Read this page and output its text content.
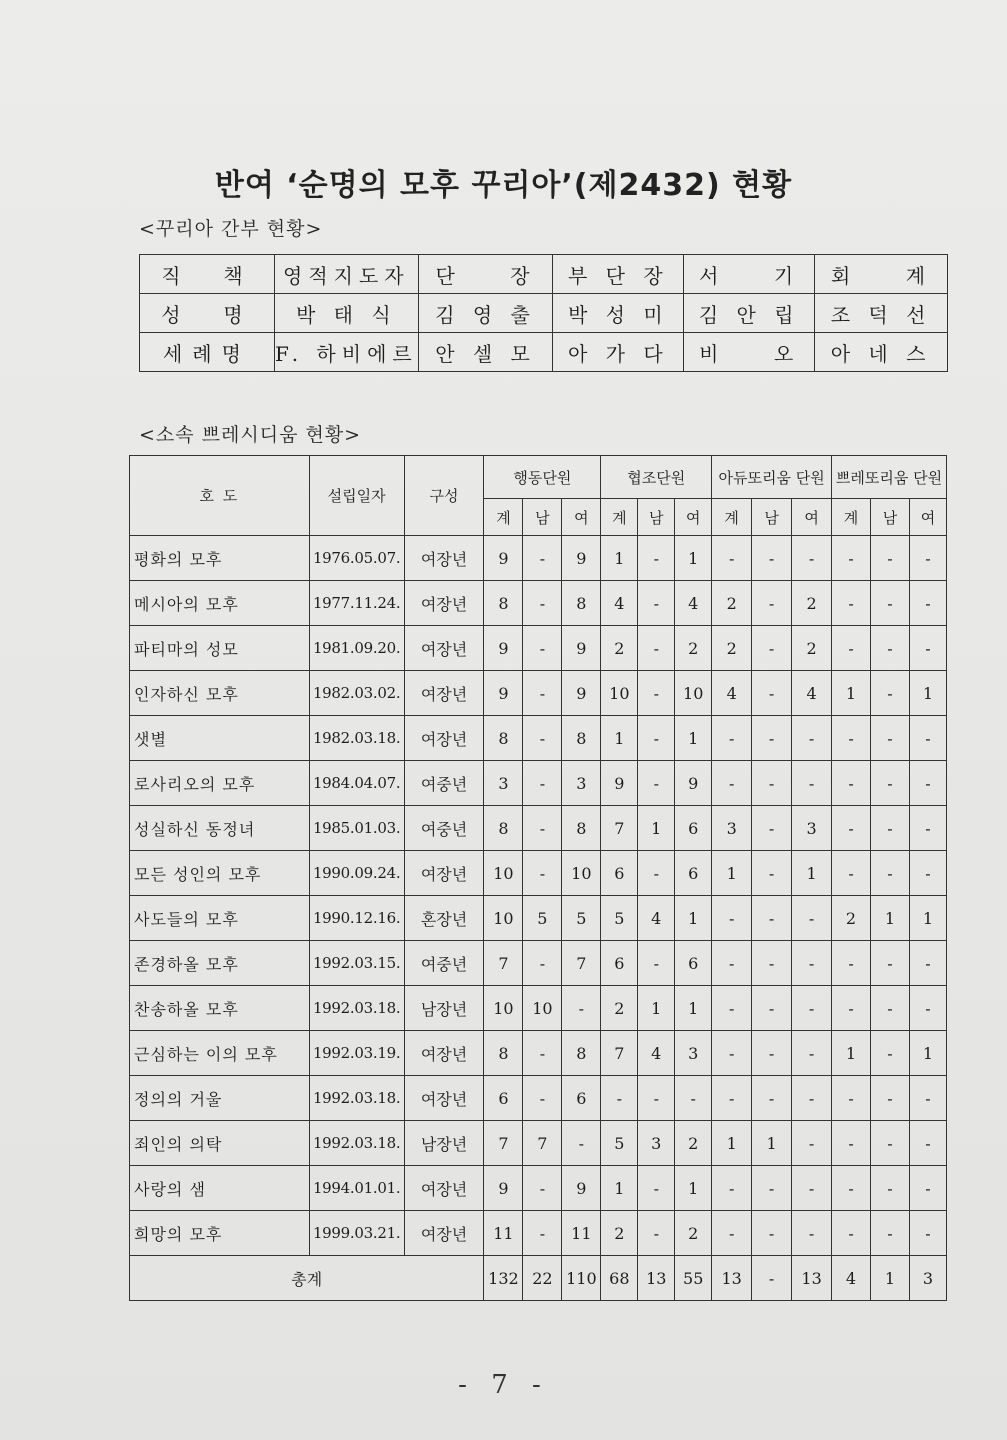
반여 ‘순명의 모후 꾸리아’(제2432) 현황
<꾸리아 간부 현황>
직  책	영적지도자	단    장	부 단 장	서    기	회    계
성  명	박 태 식	김 영 출	박 성 미	김 안 립	조 덕 선
세례명	F. 하비에르	안 셀 모	아 가 다	비    오	아 네 스
<소속 쁘레시디움 현황>
호 도	설립일자	구성	행동단원			협조단원			아듀또리움 단원			쁘레또리움 단원		
			계	남	여	계	남	여	계	남	여	계	남	여
평화의 모후	1976.05.07.	여장년	9	-	9	1	-	1	-	-	-	-	-	-
메시아의 모후	1977.11.24.	여장년	8	-	8	4	-	4	2	-	2	-	-	-
파티마의 성모	1981.09.20.	여장년	9	-	9	2	-	2	2	-	2	-	-	-
인자하신 모후	1982.03.02.	여장년	9	-	9	10	-	10	4	-	4	1	-	1
샛별	1982.03.18.	여장년	8	-	8	1	-	1	-	-	-	-	-	-
로사리오의 모후	1984.04.07.	여중년	3	-	3	9	-	9	-	-	-	-	-	-
성실하신 동정녀	1985.01.03.	여중년	8	-	8	7	1	6	3	-	3	-	-	-
모든 성인의 모후	1990.09.24.	여장년	10	-	10	6	-	6	1	-	1	-	-	-
사도들의 모후	1990.12.16.	혼장년	10	5	5	5	4	1	-	-	-	2	1	1
존경하올 모후	1992.03.15.	여중년	7	-	7	6	-	6	-	-	-	-	-	-
찬송하올 모후	1992.03.18.	남장년	10	10	-	2	1	1	-	-	-	-	-	-
근심하는 이의 모후	1992.03.19.	여장년	8	-	8	7	4	3	-	-	-	1	-	1
정의의 거울	1992.03.18.	여장년	6	-	6	-	-	-	-	-	-	-	-	-
죄인의 의탁	1992.03.18.	남장년	7	7	-	5	3	2	1	1	-	-	-	-
사랑의 샘	1994.01.01.	여장년	9	-	9	1	-	1	-	-	-	-	-	-
희망의 모후	1999.03.21.	여장년	11	-	11	2	-	2	-	-	-	-	-	-
총계			132	22	110	68	13	55	13	-	13	4	1	3
- 7 -
